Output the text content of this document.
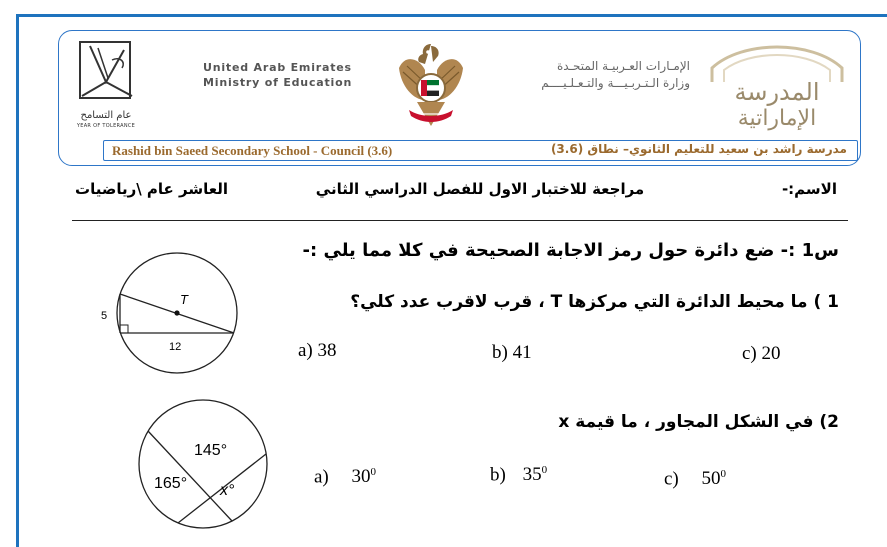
عام التسامح
YEAR OF TOLERANCE
United Arab Emirates
Ministry of Education
الإمـارات العـربيـة المتحـدة
وزارة الـتـربـيـــة والتـعـلـيــــم	المدرسة
الإماراتية
Rashid bin Saeed Secondary School - Council (3.6)	مدرسة راشد بن سعيد للتعليم الثانوي– نطاق (3.6)
الاسم:-
مراجعة للاختبار الاول للفصل الدراسي الثاني
العاشر عام \رياضيات
س1 :- ضع دائرة حول رمز الاجابة الصحيحة في كلا مما يلي :-
1 ) ما محيط الدائرة التي مركزها T ، قرب لاقرب عدد كلي؟
T
5
12	a) 38	b) 41	c) 20
2) في الشكل المجاور ، ما قيمة x
145°
165° x°
a) $30^0$	b) $35^0$	c) $50^0$
